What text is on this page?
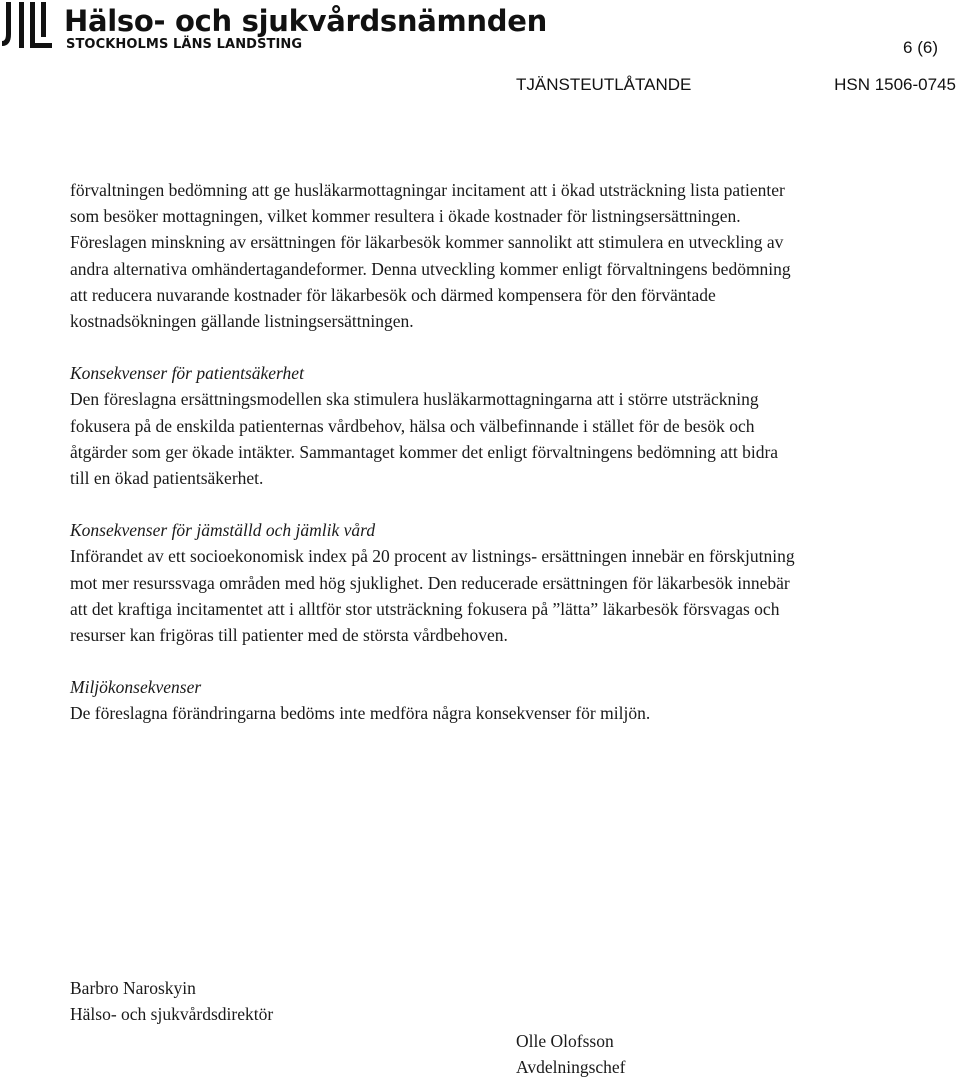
Hälso- och sjukvårdsnämnden
STOCKHOLMS LÄNS LANDSTING	6 (6)
TJÄNSTEUTLÅTANDE	HSN 1506-0745

förvaltningen bedömning att ge husläkarmottagningar incitament att i ökad utsträckning lista patienter som besöker mottagningen, vilket kommer resultera i ökade kostnader för listningsersättningen. Föreslagen minskning av ersättningen för läkarbesök kommer sannolikt att stimulera en utveckling av andra alternativa omhändertagandeformer. Denna utveckling kommer enligt förvaltningens bedömning att reducera nuvarande kostnader för läkarbesök och därmed kompensera för den förväntade kostnadsökningen gällande listningsersättningen.

Konsekvenser för patientsäkerhet

Den föreslagna ersättningsmodellen ska stimulera husläkarmottagningarna att i större utsträckning fokusera på de enskilda patienternas vårdbehov, hälsa och välbefinnande i stället för de besök och åtgärder som ger ökade intäkter. Sammantaget kommer det enligt förvaltningens bedömning att bidra till en ökad patientsäkerhet.

Konsekvenser för jämställd och jämlik vård

Införandet av ett socioekonomisk index på 20 procent av listnings- ersättningen innebär en förskjutning mot mer resurssvaga områden med hög sjuklighet. Den reducerade ersättningen för läkarbesök innebär att det kraftiga incitamentet att i alltför stor utsträckning fokusera på ”lätta” läkarbesök försvagas och resurser kan frigöras till patienter med de största vårdbehoven.

Miljökonsekvenser

De föreslagna förändringarna bedöms inte medföra några konsekvenser för miljön.

Barbro Naroskyin
Hälso- och sjukvårdsdirektör
Olle Olofsson
Avdelningschef
